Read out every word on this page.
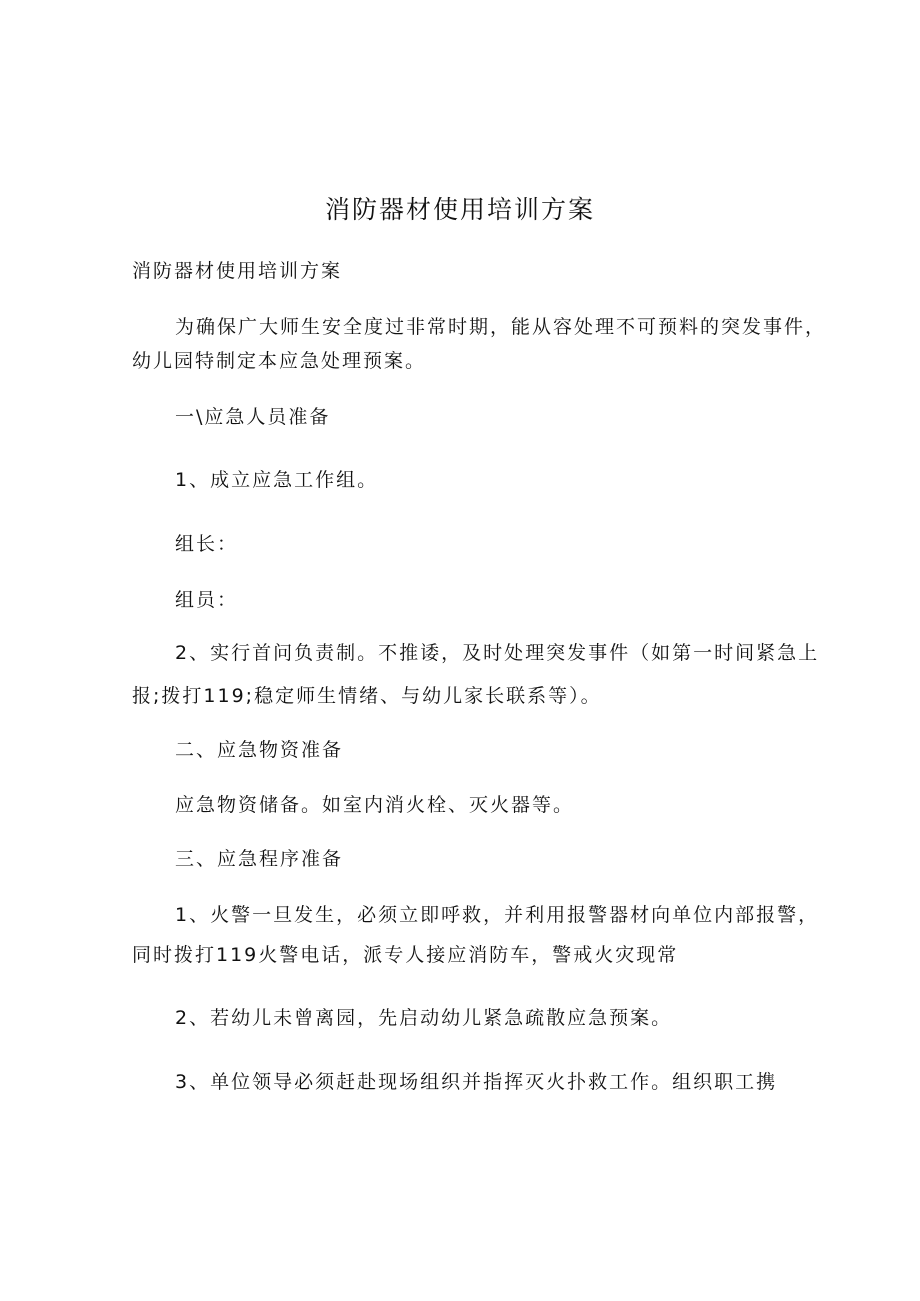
消防器材使用培训方案
消防器材使用培训方案
为确保广大师生安全度过非常时期，能从容处理不可预料的突发事件，
幼儿园特制定本应急处理预案。
一\应急人员准备
1、成立应急工作组。
组长：
组员：
2、实行首问负责制。不推诿，及时处理突发事件（如第一时间紧急上
报;拨打119;稳定师生情绪、与幼儿家长联系等）。
二、应急物资准备
应急物资储备。如室内消火栓、灭火器等。
三、应急程序准备
1、火警一旦发生，必须立即呼救，并利用报警器材向单位内部报警，
同时拨打119火警电话，派专人接应消防车，警戒火灾现常
2、若幼儿未曾离园，先启动幼儿紧急疏散应急预案。
3、单位领导必须赶赴现场组织并指挥灭火扑救工作。组织职工携
